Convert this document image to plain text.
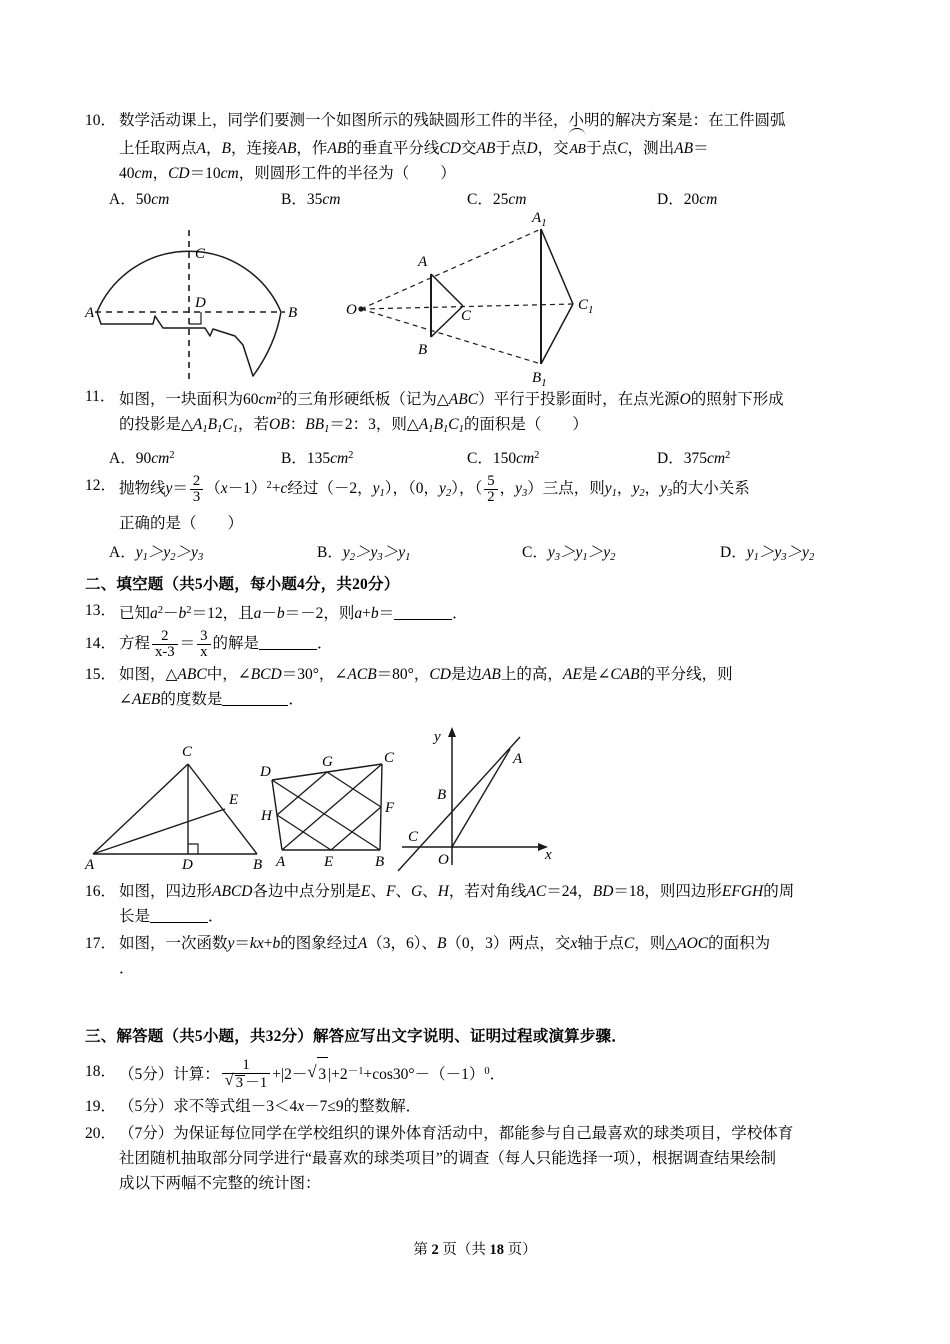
10． 数学活动课上，同学们要测一个如图所示的残缺圆形工件的半径，小明的解决方案是：在工件圆弧
上任取两点A，B，连接AB，作AB的垂直平分线CD交AB于点D，交
AB于点C，测出AB＝
40cm，CD＝10cm，则圆形工件的半径为（　　）
A．50cm	B．35cm	C．25cm	D．20cm
A	B
C
D	O
A
B
C
$A_1$
$B_1$
$C_1$
11． 如图，一块面积为$60cm^2$的三角形硬纸板（记为△ABC）平行于投影面时，在点光源O的照射下形成
的投影是$\triangle A_1B_1C_1$，若OB：$BB_1=2$：3，则$\triangle A_1B_1C_1$的面积是（　　）
A．$90cm^2$	B．$135cm^2$	C．$150cm^2$	D．$375cm^2$
12． 抛物线$y= \frac{2}{3} (x-1)^2+c$经过（－2，$y_1$），（0，$y_2$），（ $\frac{5}{2}$ ，$y_3$）三点，则$y_1$，$y_2$，$y_3$的大小关系
正确的是（　　）
A．$y_1>y_2>y_3$	B．$y_2>y_3>y_1$	C．$y_3>y_1>y_2$	D．$y_1>y_3>y_2$
二、填空题（共5小题，每小题4分，共20分）
13． 已知$a^2-b^2=12$，且a－b＝－2，则a+b＝	．
14． 方程 $\frac{2}{x-3} = \frac{3}{x}$ 的解是	．
15． 如图，△ABC中，∠BCD＝30°，∠ACB＝80°，CD是边AB上的高，AE是∠CAB的平分线，则
∠AEB的度数是	．
A	B
C
D
E
A	B
C
D
E
F
G
H
A
B
C
O	x
y
16． 如图，四边形ABCD各边中点分别是E、F、G、H，若对角线AC＝24，BD＝18，则四边形EFGH的周
长是	．
17． 如图，一次函数y＝kx+b的图象经过A（3，6）、B（0，3）两点，交x轴于点C，则△AOC的面积为
．
三、解答题（共5小题，共32分）解答应写出文字说明、证明过程或演算步骤．
18． （5分）计算： 1
√ 3 －1 +|2－ √ 3 $|+2^{-1}+\cos 30^\circ-(-1)^0$．
19． （5分）求不等式组－3＜4x－7≤9的整数解．
20． （7分）为保证每位同学在学校组织的课外体育活动中，都能参与自己最喜欢的球类项目，学校体育
社团随机抽取部分同学进行“最喜欢的球类项目”的调查（每人只能选择一项），根据调查结果绘制
成以下两幅不完整的统计图：
第 2 页（共 18 页）
